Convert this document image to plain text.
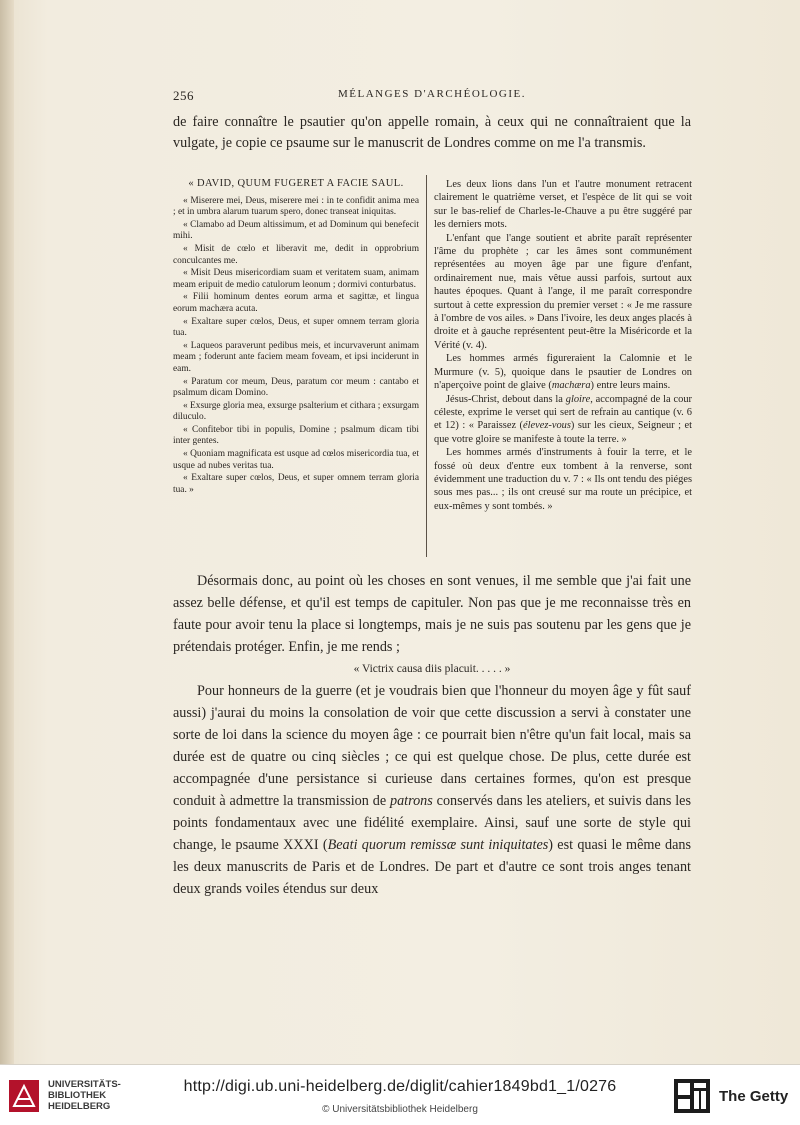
256	MÉLANGES D'ARCHÉOLOGIE.
de faire connaître le psautier qu'on appelle romain, à ceux qui ne connaîtraient que la vulgate, je copie ce psaume sur le manuscrit de Londres comme on me l'a transmis.
« DAVID, QUUM FUGERET A FACIE SAUL.

« Miserere mei, Deus, miserere mei : in te confidit anima mea ; et in umbra alarum tuarum spero, donec transeat iniquitas.

« Clamabo ad Deum altissimum, et ad Dominum qui benefecit mihi.

« Misit de cœlo et liberavit me, dedit in opprobrium conculcantes me.

« Misit Deus misericordiam suam et veritatem suam, animam meam eripuit de medio catulorum leonum ; dormivi conturbatus.

« Filii hominum dentes eorum arma et sagittæ, et lingua eorum machæra acuta.

« Exaltare super cœlos, Deus, et super omnem terram gloria tua.

« Laqueos paraverunt pedibus meis, et incurvaverunt animam meam ; foderunt ante faciem meam foveam, et ipsi inciderunt in eam.

« Paratum cor meum, Deus, paratum cor meum : cantabo et psalmum dicam Domino.

« Exsurge gloria mea, exsurge psalterium et cithara ; exsurgam diluculo.

« Confitebor tibi in populis, Domine ; psalmum dicam tibi inter gentes.

« Quoniam magnificata est usque ad cœlos misericordia tua, et usque ad nubes veritas tua.

« Exaltare super cœlos, Deus, et super omnem terram gloria tua. »

Les deux lions dans l'un et l'autre monument retracent clairement le quatrième verset, et l'espèce de lit qui se voit sur le bas-relief de Charles-le-Chauve a pu être suggéré par les derniers mots.

L'enfant que l'ange soutient et abrite paraît représenter l'âme du prophète ; car les âmes sont communément représentées au moyen âge par une figure d'enfant, ordinairement nue, mais vêtue aussi parfois, surtout aux hautes époques. Quant à l'ange, il me paraît correspondre surtout à cette expression du premier verset : « Je me rassure à l'ombre de vos ailes. » Dans l'ivoire, les deux anges placés à droite et à gauche représentent peut-être la Miséricorde et la Vérité (v. 4).

Les hommes armés figureraient la Calomnie et le Murmure (v. 5), quoique dans le psautier de Londres on n'aperçoive point de glaive (machæra) entre leurs mains.

Jésus-Christ, debout dans la gloire, accompagné de la cour céleste, exprime le verset qui sert de refrain au cantique (v. 6 et 12) : « Paraissez (élevez-vous) sur les cieux, Seigneur ; et que votre gloire se manifeste à toute la terre. »

Les hommes armés d'instruments à fouir la terre, et le fossé où deux d'entre eux tombent à la renverse, sont évidemment une traduction du v. 7 : « Ils ont tendu des piéges sous mes pas... ; ils ont creusé sur ma route un précipice, et eux-mêmes y sont tombés. »

Désormais donc, au point où les choses en sont venues, il me semble que j'ai fait une assez belle défense, et qu'il est temps de capituler. Non pas que je me reconnaisse très en faute pour avoir tenu la place si longtemps, mais je ne suis pas soutenu par les gens que je prétendais protéger. Enfin, je me rends ;

« Victrix causa diis placuit. . . . . »

Pour honneurs de la guerre (et je voudrais bien que l'honneur du moyen âge y fût sauf aussi) j'aurai du moins la consolation de voir que cette discussion a servi à constater une sorte de loi dans la science du moyen âge : ce pourrait bien n'être qu'un fait local, mais sa durée est de quatre ou cinq siècles ; ce qui est quelque chose. De plus, cette durée est accompagnée d'une persistance si curieuse dans certaines formes, qu'on est presque conduit à admettre la transmission de patrons conservés dans les ateliers, et suivis dans les points fondamentaux avec une fidélité exemplaire. Ainsi, sauf une sorte de style qui change, le psaume XXXI (Beati quorum remissæ sunt iniquitates) est quasi le même dans les deux manuscrits de Paris et de Londres. De part et d'autre ce sont trois anges tenant deux grands voiles étendus sur deux

UNIVERSITÄTS-
BIBLIOTHEK
HEIDELBERG
http://digi.ub.uni-heidelberg.de/diglit/cahier1849bd1_1/0276
© Universitätsbibliothek Heidelberg
The Getty
